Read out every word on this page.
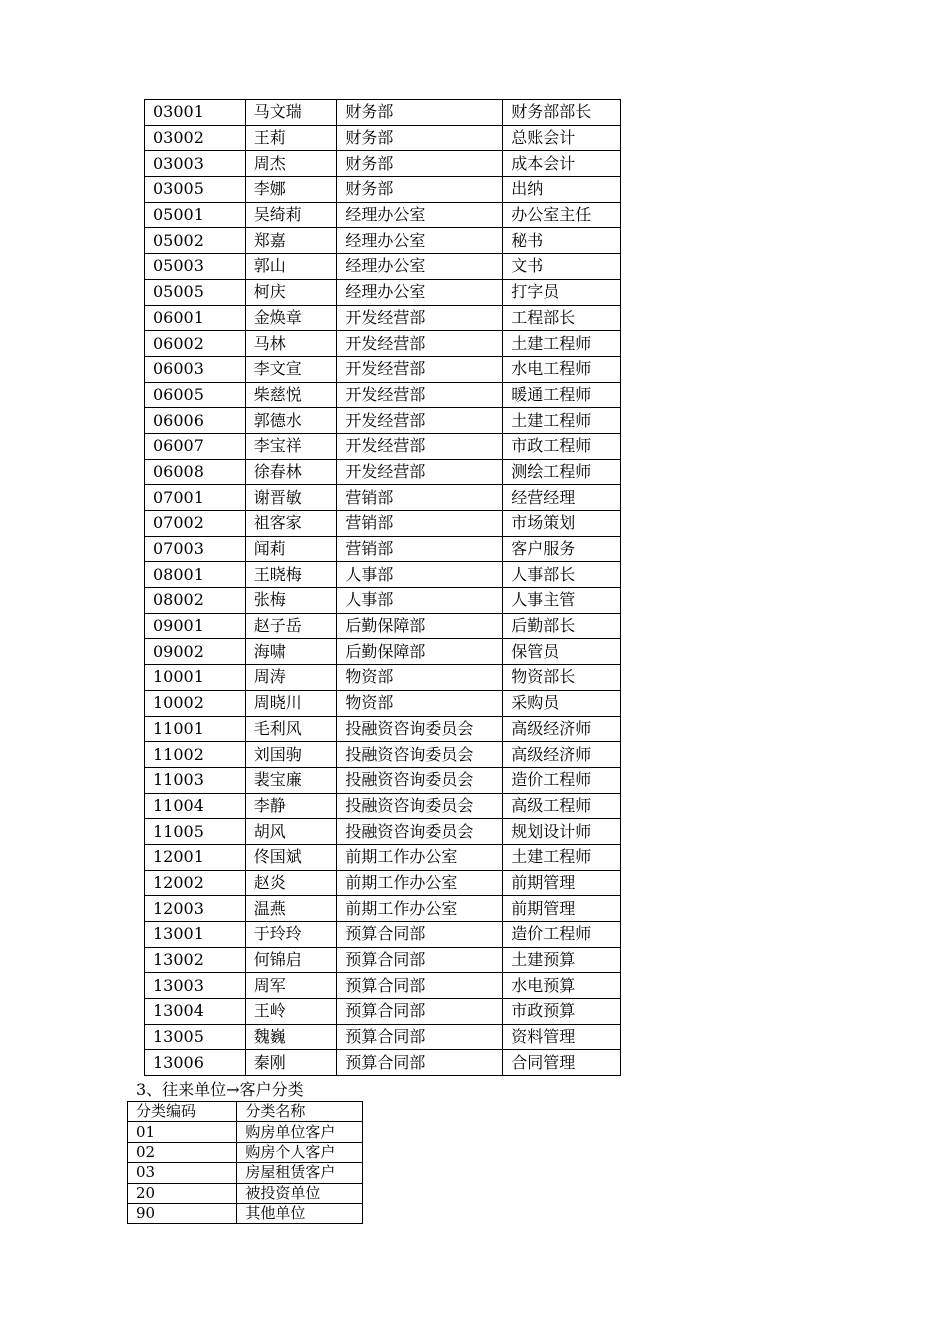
03001	马文瑞	财务部	财务部部长
03002	王莉	财务部	总账会计
03003	周杰	财务部	成本会计
03005	李娜	财务部	出纳
05001	吴绮莉	经理办公室	办公室主任
05002	郑嘉	经理办公室	秘书
05003	郭山	经理办公室	文书
05005	柯庆	经理办公室	打字员
06001	金焕章	开发经营部	工程部长
06002	马林	开发经营部	土建工程师
06003	李文宣	开发经营部	水电工程师
06005	柴慈悦	开发经营部	暖通工程师
06006	郭德水	开发经营部	土建工程师
06007	李宝祥	开发经营部	市政工程师
06008	徐春林	开发经营部	测绘工程师
07001	谢晋敏	营销部	经营经理
07002	祖客家	营销部	市场策划
07003	闻莉	营销部	客户服务
08001	王晓梅	人事部	人事部长
08002	张梅	人事部	人事主管
09001	赵子岳	后勤保障部	后勤部长
09002	海啸	后勤保障部	保管员
10001	周涛	物资部	物资部长
10002	周晓川	物资部	采购员
11001	毛利风	投融资咨询委员会	高级经济师
11002	刘国驹	投融资咨询委员会	高级经济师
11003	裴宝廉	投融资咨询委员会	造价工程师
11004	李静	投融资咨询委员会	高级工程师
11005	胡风	投融资咨询委员会	规划设计师
12001	佟国斌	前期工作办公室	土建工程师
12002	赵炎	前期工作办公室	前期管理
12003	温燕	前期工作办公室	前期管理
13001	于玲玲	预算合同部	造价工程师
13002	何锦启	预算合同部	土建预算
13003	周军	预算合同部	水电预算
13004	王岭	预算合同部	市政预算
13005	魏巍	预算合同部	资料管理
13006	秦刚	预算合同部	合同管理
3、往来单位→客户分类
分类编码	分类名称
01	购房单位客户
02	购房个人客户
03	房屋租赁客户
20	被投资单位
90	其他单位
